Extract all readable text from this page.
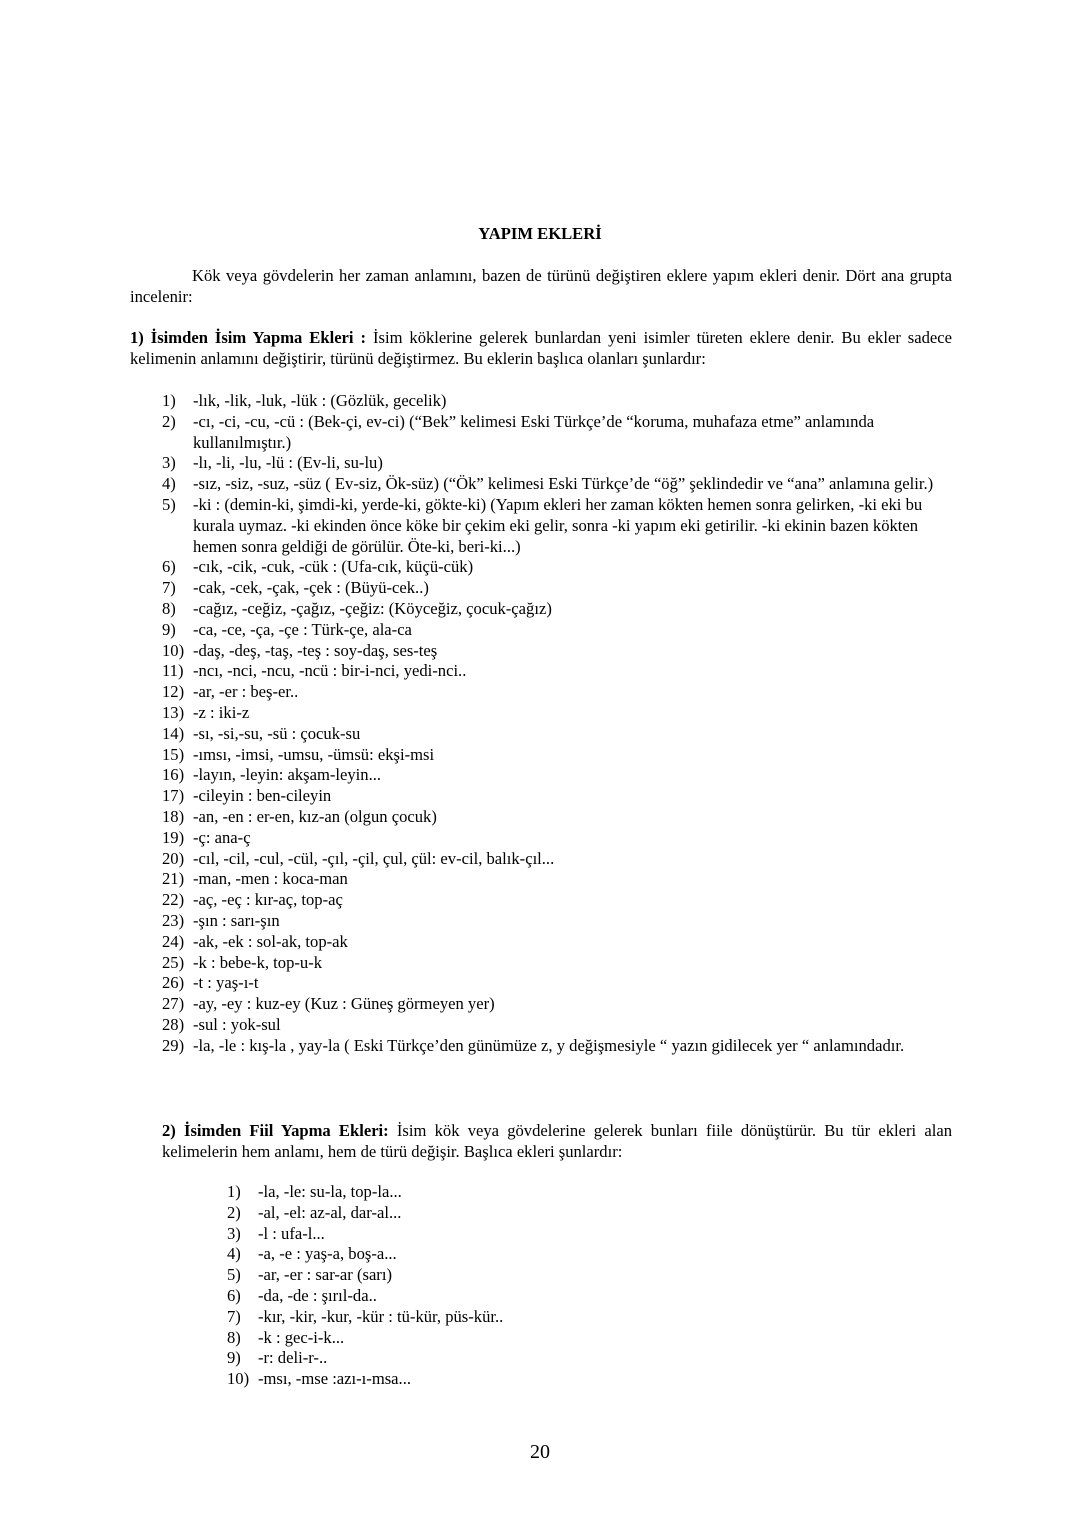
YAPIM EKLERİ

Kök veya gövdelerin her zaman anlamını, bazen de türünü değiştiren eklere yapım ekleri denir. Dört ana grupta incelenir:

1) İsimden İsim Yapma Ekleri : İsim köklerine gelerek bunlardan yeni isimler türeten eklere denir. Bu ekler sadece kelimenin anlamını değiştirir, türünü değiştirmez. Bu eklerin başlıca olanları şunlardır:

1) -lık, -lik, -luk, -lük : (Gözlük, gecelik)
2) -cı, -ci, -cu, -cü : (Bek-çi, ev-ci) (“Bek” kelimesi Eski Türkçe’de “koruma, muhafaza etme” anlamında kullanılmıştır.)
3) -lı, -li, -lu, -lü : (Ev-li, su-lu)
4) -sız, -siz, -suz, -süz ( Ev-siz, Ök-süz) (“Ök” kelimesi Eski Türkçe’de “öğ” şeklindedir ve “ana” anlamına gelir.)
5) -ki : (demin-ki, şimdi-ki, yerde-ki, gökte-ki) (Yapım ekleri her zaman kökten hemen sonra gelirken, -ki eki bu kurala uymaz. -ki ekinden önce köke bir çekim eki gelir, sonra -ki yapım eki getirilir. -ki ekinin bazen kökten hemen sonra geldiği de görülür. Öte-ki, beri-ki...)
6) -cık, -cik, -cuk, -cük : (Ufa-cık, küçü-cük)
7) -cak, -cek, -çak, -çek : (Büyü-cek..)
8) -cağız, -ceğiz, -çağız, -çeğiz: (Köyceğiz, çocuk-çağız)
9) -ca, -ce, -ça, -çe : Türk-çe, ala-ca
10) -daş, -deş, -taş, -teş : soy-daş, ses-teş
11) -ncı, -nci, -ncu, -ncü : bir-i-nci, yedi-nci..
12) -ar, -er : beş-er..
13) -z : iki-z
14) -sı, -si,-su, -sü : çocuk-su
15) -ımsı, -imsi, -umsu, -ümsü: ekşi-msi
16) -layın, -leyin: akşam-leyin...
17) -cileyin : ben-cileyin
18) -an, -en : er-en, kız-an (olgun çocuk)
19) -ç: ana-ç
20) -cıl, -cil, -cul, -cül, -çıl, -çil, çul, çül: ev-cil, balık-çıl...
21) -man, -men : koca-man
22) -aç, -eç : kır-aç, top-aç
23) -şın : sarı-şın
24) -ak, -ek : sol-ak, top-ak
25) -k : bebe-k, top-u-k
26) -t : yaş-ı-t
27) -ay, -ey : kuz-ey (Kuz : Güneş görmeyen yer)
28) -sul : yok-sul
29) -la, -le : kış-la , yay-la ( Eski Türkçe’den günümüze z, y değişmesiyle “ yazın gidilecek yer “ anlamındadır.

2) İsimden Fiil Yapma Ekleri: İsim kök veya gövdelerine gelerek bunları fiile dönüştürür. Bu tür ekleri alan kelimelerin hem anlamı, hem de türü değişir. Başlıca ekleri şunlardır:

1) -la, -le: su-la, top-la...
2) -al, -el: az-al, dar-al...
3) -l : ufa-l...
4) -a, -e : yaş-a, boş-a...
5) -ar, -er : sar-ar (sarı)
6) -da, -de : şırıl-da..
7) -kır, -kir, -kur, -kür : tü-kür, püs-kür..
8) -k : gec-i-k...
9) -r: deli-r-..
10) -msı, -mse :azı-ı-msa...
20
